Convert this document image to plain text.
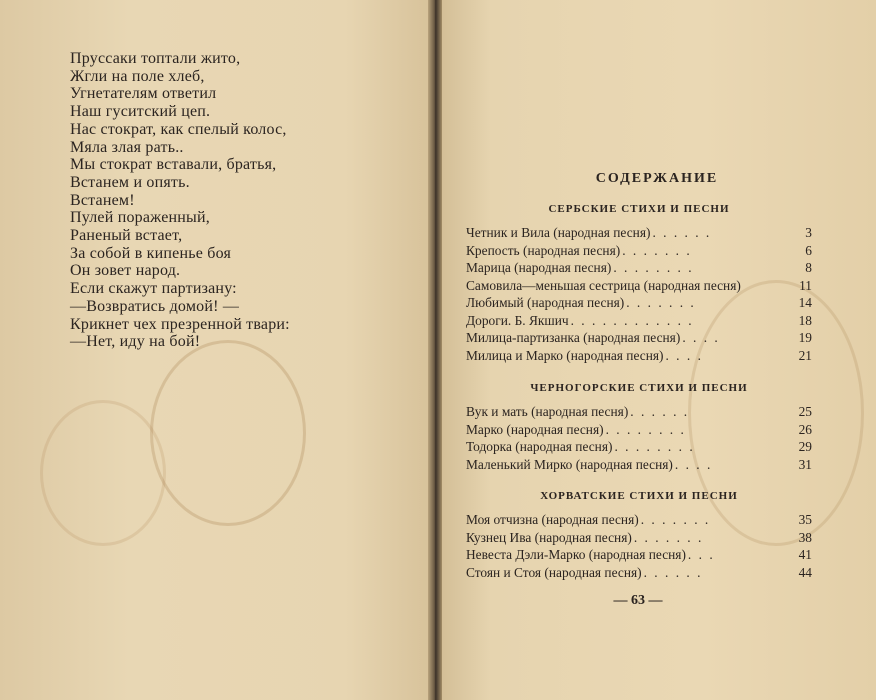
Пруссаки топтали жито,
Жгли на поле хлеб,
Угнетателям ответил
Наш гуситский цеп.
Нас стократ, как спелый колос,
Мяла злая рать..
Мы стократ вставали, братья,
Встанем и опять.
Встанем!
Пулей пораженный,
Раненый встает,
За собой в кипенье боя
Он зовет народ.
Если скажут партизану:
—Возвратись домой! —
Крикнет чех презренной твари:
—Нет, иду на бой!
СОДЕРЖАНИЕ
СЕРБСКИЕ СТИХИ И ПЕСНИ
Четник и Вила (народная песня) . . . . . .	3
Крепость (народная песня) . . . . . . .	6
Марица (народная песня) . . . . . . . .	8
Самовила—меньшая сестрица (народная песня)	11
Любимый (народная песня) . . . . . . .	14
Дороги. Б. Якшич . . . . . . . . . . . .	18
Милица-партизанка (народная песня) . . . .	19
Милица и Марко (народная песня) . . . .	21
ЧЕРНОГОРСКИЕ СТИХИ И ПЕСНИ
Вук и мать (народная песня) . . . . . .	25
Марко (народная песня) . . . . . . . .	26
Тодорка (народная песня) . . . . . . . .	29
Маленький Мирко (народная песня) . . . .	31
ХОРВАТСКИЕ СТИХИ И ПЕСНИ
Моя отчизна (народная песня) . . . . . . .	35
Кузнец Ива (народная песня) . . . . . . .	38
Невеста Дэли-Марко (народная песня) . . .	41
Стоян и Стоя (народная песня) . . . . . .	44

— 63 —
